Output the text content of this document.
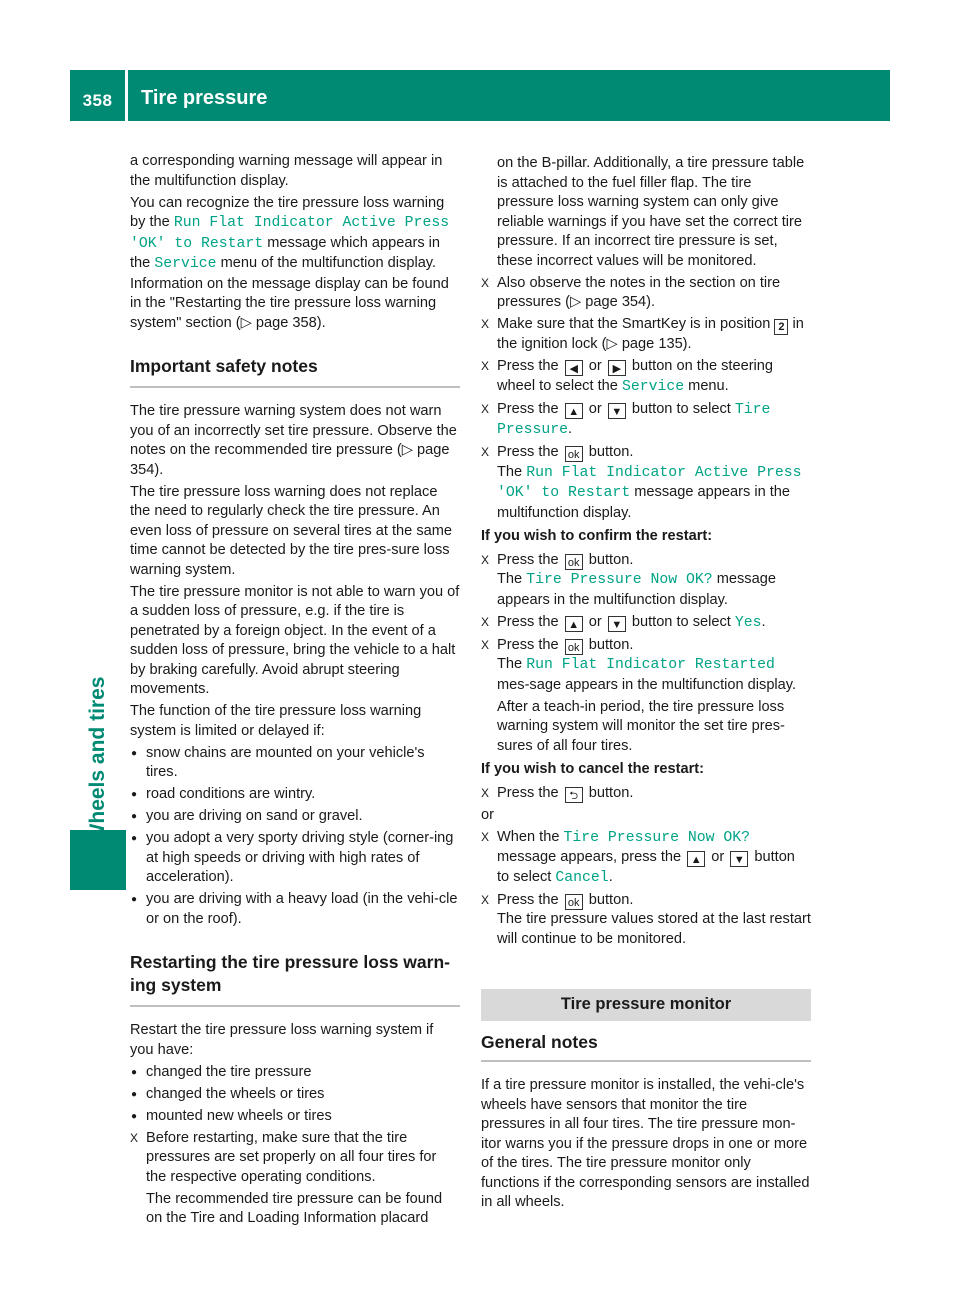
358	Tire pressure
Wheels and tires

a corresponding warning message will appear in the multifunction display.

You can recognize the tire pressure loss warning by the Run Flat Indicator Active Press 'OK' to Restart message which appears in the Service menu of the multifunction display. Information on the message display can be found in the "Restarting the tire pressure loss warning system" section (▷ page 358).

Important safety notes

The tire pressure warning system does not warn you of an incorrectly set tire pressure. Observe the notes on the recommended tire pressure (▷ page 354).

The tire pressure loss warning does not replace the need to regularly check the tire pressure. An even loss of pressure on several tires at the same time cannot be detected by the tire pres-sure loss warning system.

The tire pressure monitor is not able to warn you of a sudden loss of pressure, e.g. if the tire is penetrated by a foreign object. In the event of a sudden loss of pressure, bring the vehicle to a halt by braking carefully. Avoid abrupt steering movements.

The function of the tire pressure loss warning system is limited or delayed if:

● snow chains are mounted on your vehicle's tires.
● road conditions are wintry.
● you are driving on sand or gravel.
● you adopt a very sporty driving style (corner-ing at high speeds or driving with high rates of acceleration).
● you are driving with a heavy load (in the vehi-cle or on the roof).
Restarting the tire pressure loss warn-ing system

Restart the tire pressure loss warning system if you have:

● changed the tire pressure
● changed the wheels or tires
● mounted new wheels or tires
X Before restarting, make sure that the tire pressures are set properly on all four tires for the respective operating conditions.

The recommended tire pressure can be found on the Tire and Loading Information placard

on the B-pillar. Additionally, a tire pressure table is attached to the fuel filler flap. The tire pressure loss warning system can only give reliable warnings if you have set the correct tire pressure. If an incorrect tire pressure is set, these incorrect values will be monitored.

X Also observe the notes in the section on tire pressures (▷ page 354).
X Make sure that the SmartKey is in position 2 in the ignition lock (▷ page 135).
X Press the ◀ or ▶ button on the steering wheel to select the Service menu.
X Press the ▲ or ▼ button to select Tire Pressure.
X Press the ok button.
The Run Flat Indicator Active Press 'OK' to Restart message appears in the multifunction display.
If you wish to confirm the restart:
X Press the ok button.
The Tire Pressure Now OK? message appears in the multifunction display.
X Press the ▲ or ▼ button to select Yes.
X Press the ok button.
The Run Flat Indicator Restarted mes-sage appears in the multifunction display.

After a teach-in period, the tire pressure loss warning system will monitor the set tire pres-sures of all four tires.

If you wish to cancel the restart:
X Press the ⮌ button.

or

X When the Tire Pressure Now OK? message appears, press the ▲ or ▼ button to select Cancel.
X Press the ok button.
The tire pressure values stored at the last restart will continue to be monitored.
Tire pressure monitor
General notes

If a tire pressure monitor is installed, the vehi-cle's wheels have sensors that monitor the tire pressures in all four tires. The tire pressure mon-itor warns you if the pressure drops in one or more of the tires. The tire pressure monitor only functions if the corresponding sensors are installed in all wheels.
